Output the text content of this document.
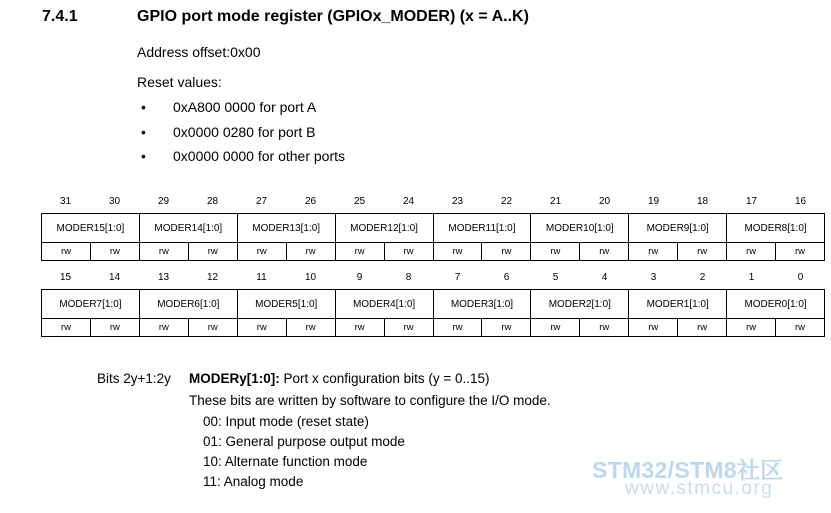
7.4.1	GPIO port mode register (GPIOx_MODER) (x = A..K)
Address offset:0x00
Reset values:
• 0xA800 0000 for port A
• 0x0000 0280 for port B
• 0x0000 0000 for other ports
31	30	29	28	27	26	25	24	23	22	21	20	19	18	17	16
MODER15[1:0]		MODER14[1:0]		MODER13[1:0]		MODER12[1:0]		MODER11[1:0]		MODER10[1:0]		MODER9[1:0]		MODER8[1:0]	
rw	rw	rw	rw	rw	rw	rw	rw	rw	rw	rw	rw	rw	rw	rw	rw
15	14	13	12	11	10	9	8	7	6	5	4	3	2	1	0
MODER7[1:0]		MODER6[1:0]		MODER5[1:0]		MODER4[1:0]		MODER3[1:0]		MODER2[1:0]		MODER1[1:0]		MODER0[1:0]	
rw	rw	rw	rw	rw	rw	rw	rw	rw	rw	rw	rw	rw	rw	rw	rw
Bits 2y+1:2y MODERy[1:0]: Port x configuration bits (y = 0..15)
These bits are written by software to configure the I/O mode.
00: Input mode (reset state)
01: General purpose output mode
10: Alternate function mode
11: Analog mode	STM32/STM8社区
www.stmcu.org
